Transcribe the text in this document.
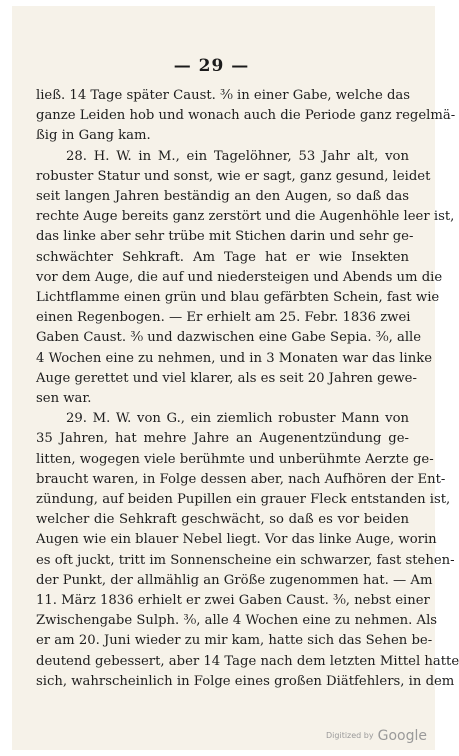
— 29 —
ließ. 14 Tage später Caust. ³⁄₀ in einer Gabe, welche das
ganze Leiden hob und wonach auch die Periode ganz regelmä-
ßig in Gang kam.
28. H. W. in M., ein Tagelöhner, 53 Jahr alt, von
robuster Statur und sonst, wie er sagt, ganz gesund, leidet
seit langen Jahren beständig an den Augen, so daß das
rechte Auge bereits ganz zerstört und die Augenhöhle leer ist,
das linke aber sehr trübe mit Stichen darin und sehr ge-
schwächter Sehkraft. Am Tage hat er wie Insekten
vor dem Auge, die auf und niedersteigen und Abends um die
Lichtflamme einen grün und blau gefärbten Schein, fast wie
einen Regenbogen. — Er erhielt am 25. Febr. 1836 zwei
Gaben Caust. ³⁄₀ und dazwischen eine Gabe Sepia. ³⁄₀, alle
4 Wochen eine zu nehmen, und in 3 Monaten war das linke
Auge gerettet und viel klarer, als es seit 20 Jahren gewe-
sen war.
29. M. W. von G., ein ziemlich robuster Mann von
35 Jahren, hat mehre Jahre an Augenentzündung ge-
litten, wogegen viele berühmte und unberühmte Aerzte ge-
braucht waren, in Folge dessen aber, nach Aufhören der Ent-
zündung, auf beiden Pupillen ein grauer Fleck entstanden ist,
welcher die Sehkraft geschwächt, so daß es vor beiden
Augen wie ein blauer Nebel liegt. Vor das linke Auge, worin
es oft juckt, tritt im Sonnenscheine ein schwarzer, fast stehen-
der Punkt, der allmählig an Größe zugenommen hat. — Am
11. März 1836 erhielt er zwei Gaben Caust. ³⁄₀, nebst einer
Zwischengabe Sulph. ³⁄₀, alle 4 Wochen eine zu nehmen. Als
er am 20. Juni wieder zu mir kam, hatte sich das Sehen be-
deutend gebessert, aber 14 Tage nach dem letzten Mittel hatte
sich, wahrscheinlich in Folge eines großen Diätfehlers, in dem
Digitized by Google
